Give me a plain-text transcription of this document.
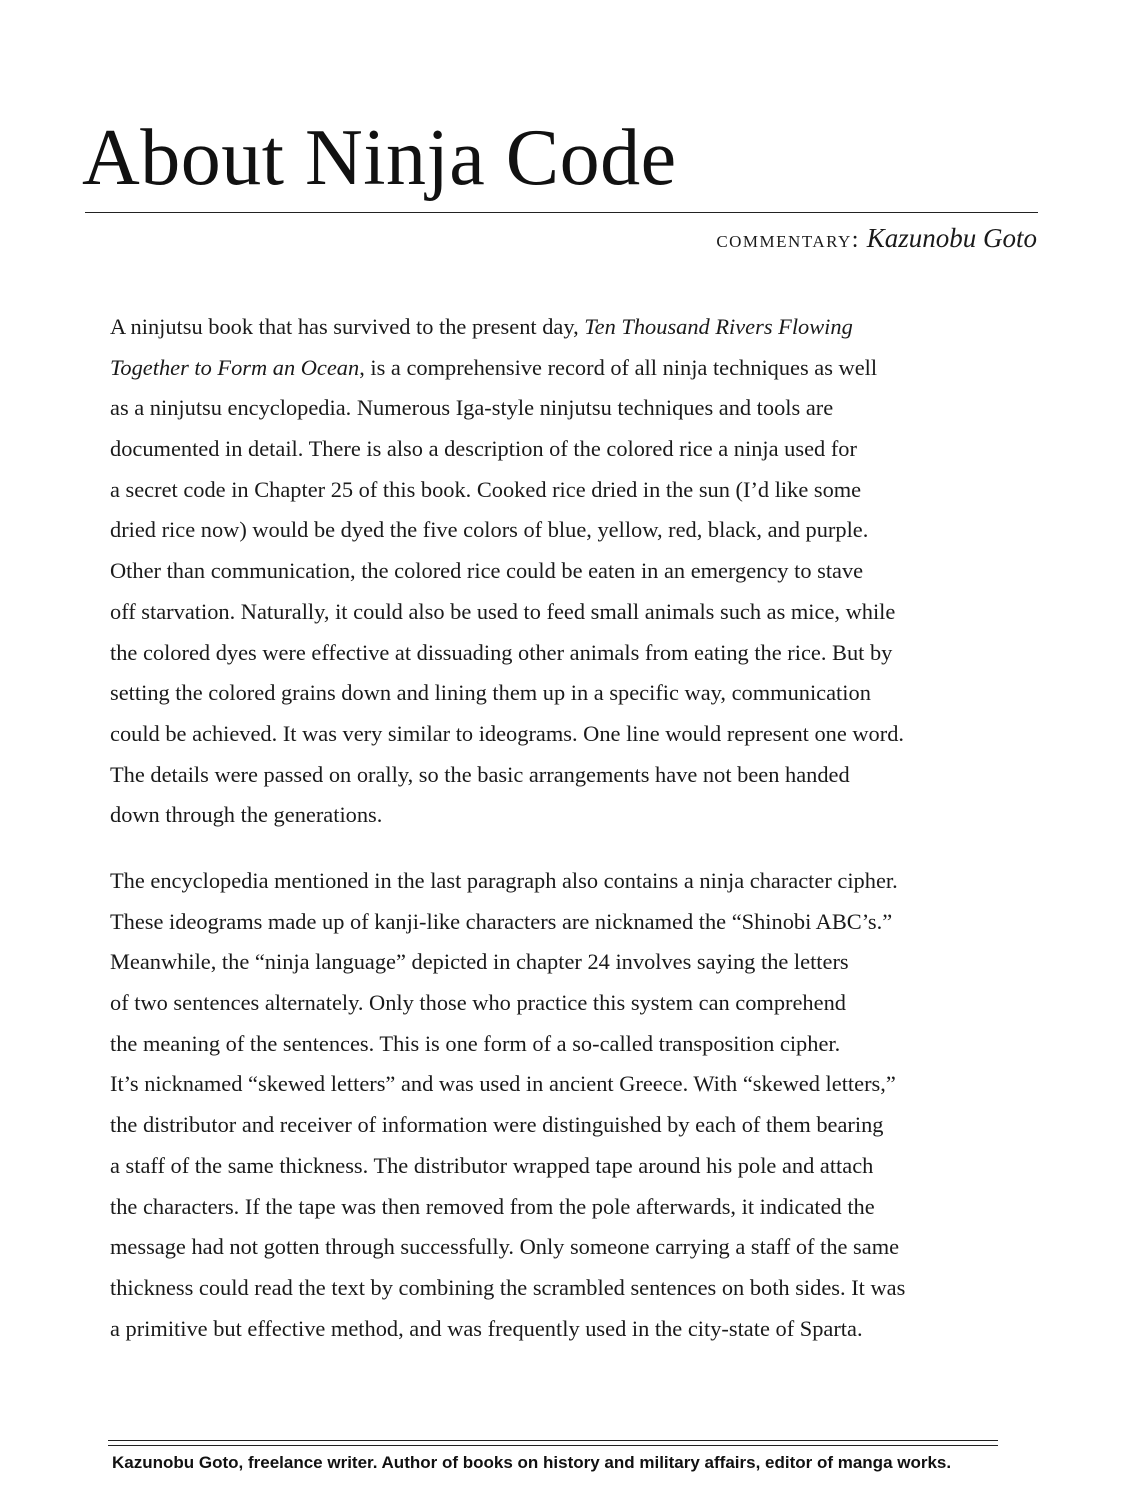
About Ninja Code
commentary: Kazunobu Goto
A ninjutsu book that has survived to the present day, Ten Thousand Rivers Flowing
Together to Form an Ocean, is a comprehensive record of all ninja techniques as well
as a ninjutsu encyclopedia. Numerous Iga-style ninjutsu techniques and tools are
documented in detail. There is also a description of the colored rice a ninja used for
a secret code in Chapter 25 of this book. Cooked rice dried in the sun (I’d like some
dried rice now) would be dyed the five colors of blue, yellow, red, black, and purple.
Other than communication, the colored rice could be eaten in an emergency to stave
off starvation. Naturally, it could also be used to feed small animals such as mice, while
the colored dyes were effective at dissuading other animals from eating the rice. But by
setting the colored grains down and lining them up in a specific way, communication
could be achieved. It was very similar to ideograms. One line would represent one word.
The details were passed on orally, so the basic arrangements have not been handed
down through the generations.
The encyclopedia mentioned in the last paragraph also contains a ninja character cipher.
These ideograms made up of kanji-like characters are nicknamed the “Shinobi ABC’s.”
Meanwhile, the “ninja language” depicted in chapter 24 involves saying the letters
of two sentences alternately. Only those who practice this system can comprehend
the meaning of the sentences. This is one form of a so-called transposition cipher.
It’s nicknamed “skewed letters” and was used in ancient Greece. With “skewed letters,”
the distributor and receiver of information were distinguished by each of them bearing
a staff of the same thickness. The distributor wrapped tape around his pole and attach
the characters. If the tape was then removed from the pole afterwards, it indicated the
message had not gotten through successfully. Only someone carrying a staff of the same
thickness could read the text by combining the scrambled sentences on both sides. It was
a primitive but effective method, and was frequently used in the city-state of Sparta.
Kazunobu Goto, freelance writer. Author of books on history and military affairs, editor of manga works.
